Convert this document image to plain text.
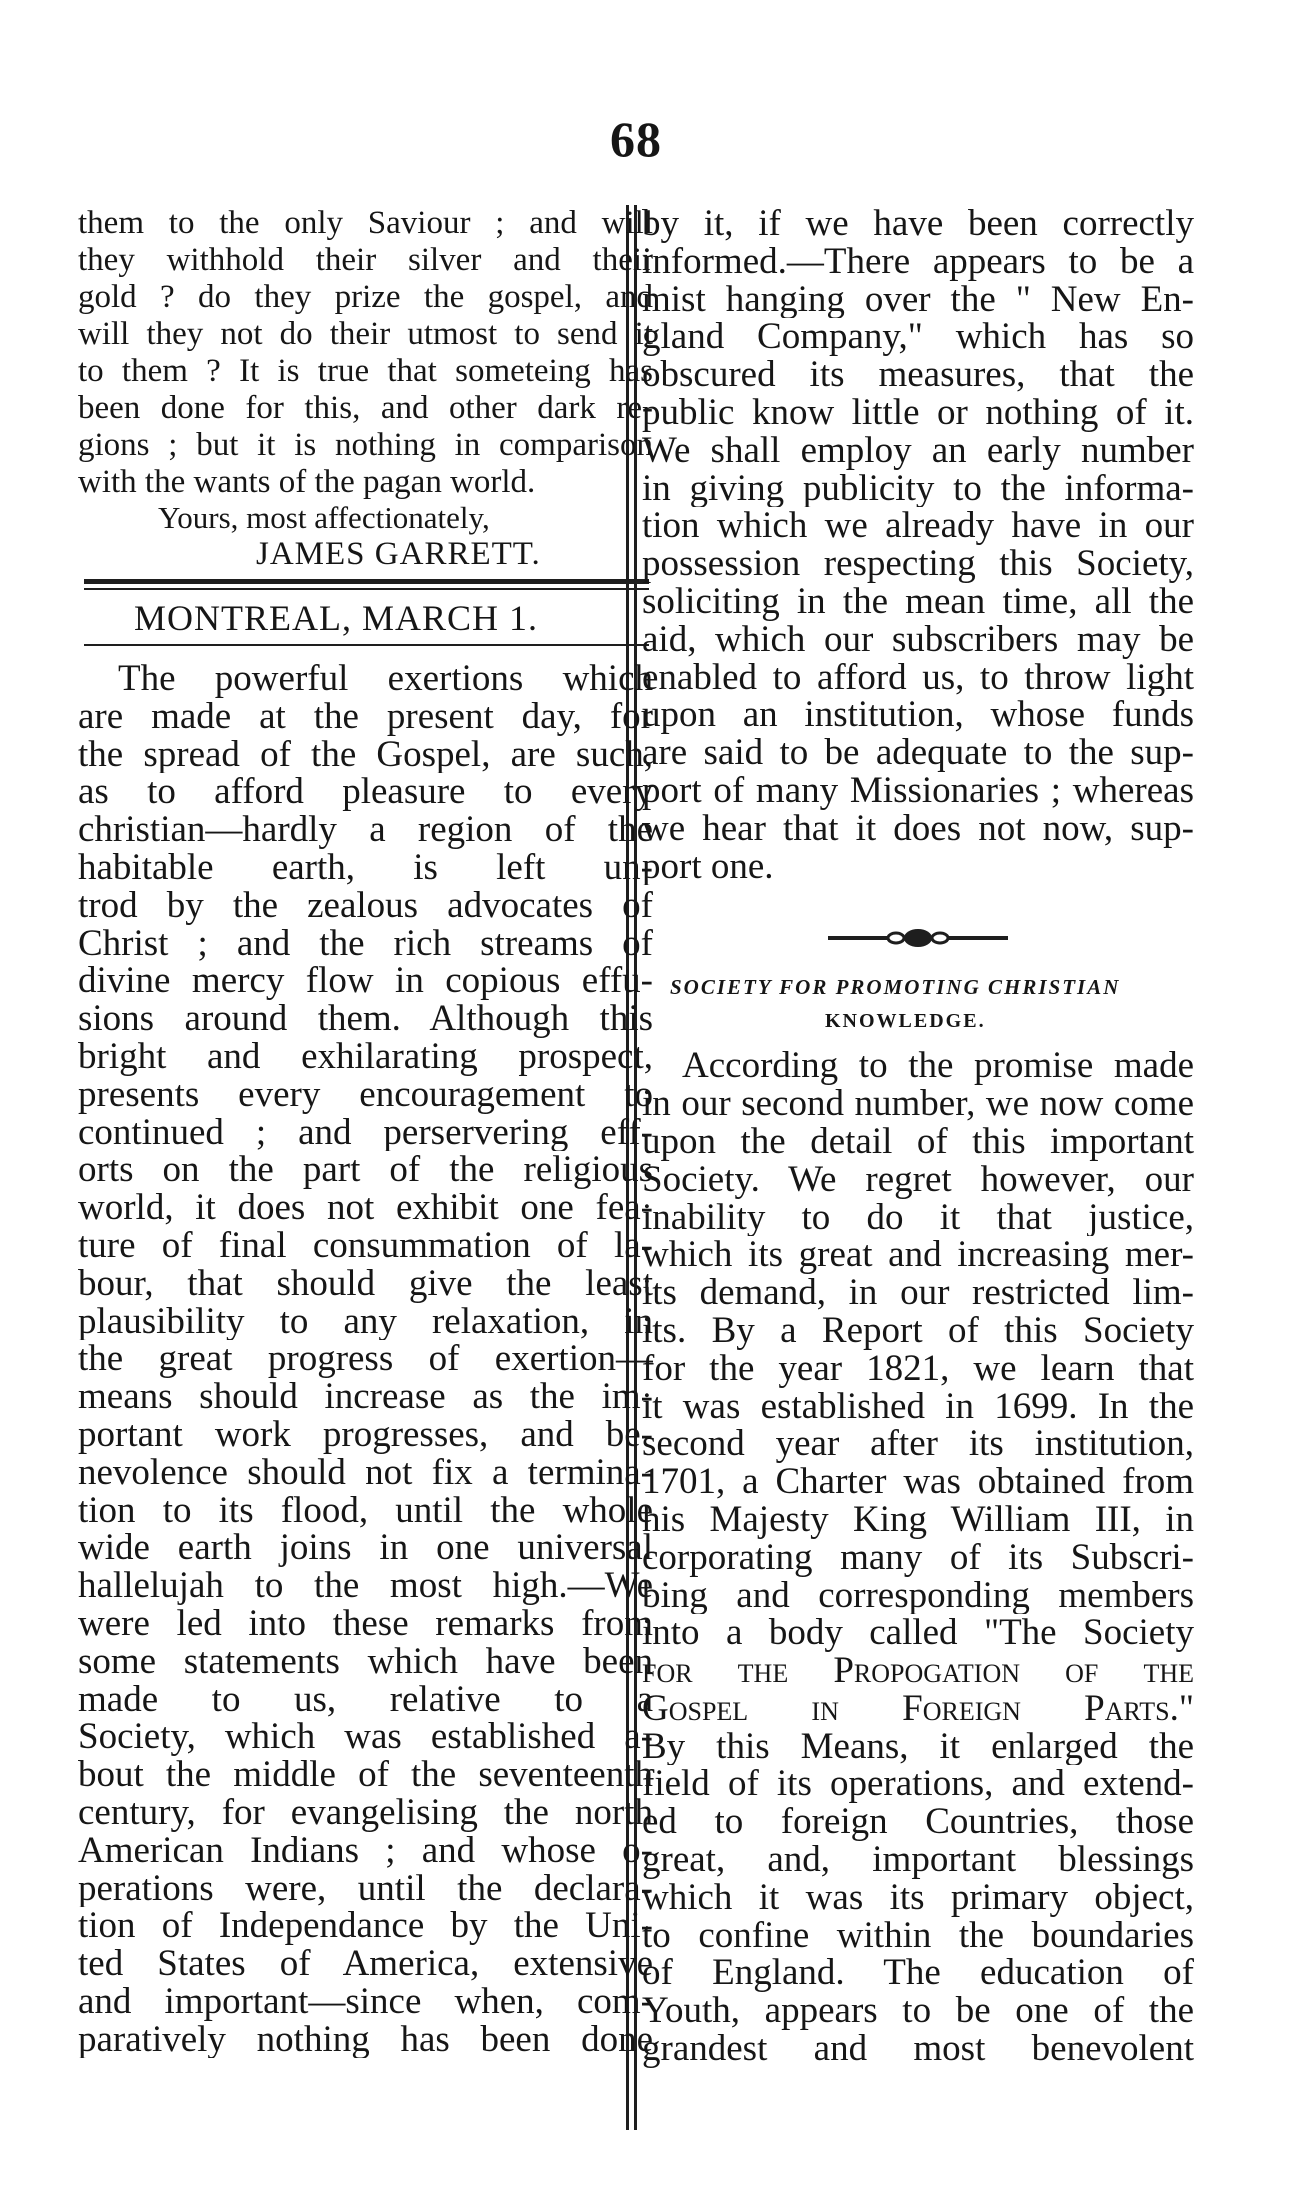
68
them to the only Saviour ; and will
they withhold their silver and their
gold ? do they prize the gospel, and
will they not do their utmost to send it
to them ? It is true that someteing has
been done for this, and other dark re-
gions ; but it is nothing in comparison
with the wants of the pagan world.
Yours, most affectionately,
JAMES GARRETT.
MONTREAL, MARCH 1.
The powerful exertions which
are made at the present day, for
the spread of the Gospel, are such,
as to afford pleasure to every
christian—hardly a region of the
habitable earth, is left un-
trod by the zealous advocates of
Christ ; and the rich streams of
divine mercy flow in copious effu-
sions around them. Although this
bright and exhilarating prospect,
presents every encouragement to
continued ; and perservering eff-
orts on the part of the religious
world, it does not exhibit one fea-
ture of final consummation of la-
bour, that should give the least
plausibility to any relaxation, in
the great progress of exertion—
means should increase as the im-
portant work progresses, and be-
nevolence should not fix a termina-
tion to its flood, until the whole
wide earth joins in one universal
hallelujah to the most high.—We
were led into these remarks from
some statements which have been
made to us, relative to a
Society, which was established a-
bout the middle of the seventeenth
century, for evangelising the north
American Indians ; and whose o-
perations were, until the declara-
tion of Independance by the Uni-
ted States of America, extensive
and important—since when, com-
paratively nothing has been done
by it, if we have been correctly
informed.—There appears to be a
mist hanging over the " New En-
gland Company," which has so
obscured its measures, that the
public know little or nothing of it.
We shall employ an early number
in giving publicity to the informa-
tion which we already have in our
possession respecting this Society,
soliciting in the mean time, all the
aid, which our subscribers may be
enabled to afford us, to throw light
upon an institution, whose funds
are said to be adequate to the sup-
port of many Missionaries ; whereas
we hear that it does not now, sup-
port one.
SOCIETY FOR PROMOTING CHRISTIAN
KNOWLEDGE.
According to the promise made
in our second number, we now come
upon the detail of this important
Society. We regret however, our
inability to do it that justice,
which its great and increasing mer-
its demand, in our restricted lim-
its. By a Report of this Society
for the year 1821, we learn that
it was established in 1699. In the
second year after its institution,
1701, a Charter was obtained from
his Majesty King William III, in
corporating many of its Subscri-
bing and corresponding members
into a body called "The Society
for the Propogation of the
Gospel in Foreign Parts."
By this Means, it enlarged the
field of its operations, and extend-
ed to foreign Countries, those
great, and, important blessings
which it was its primary object,
to confine within the boundaries
of England. The education of
Youth, appears to be one of the
grandest and most benevolent
